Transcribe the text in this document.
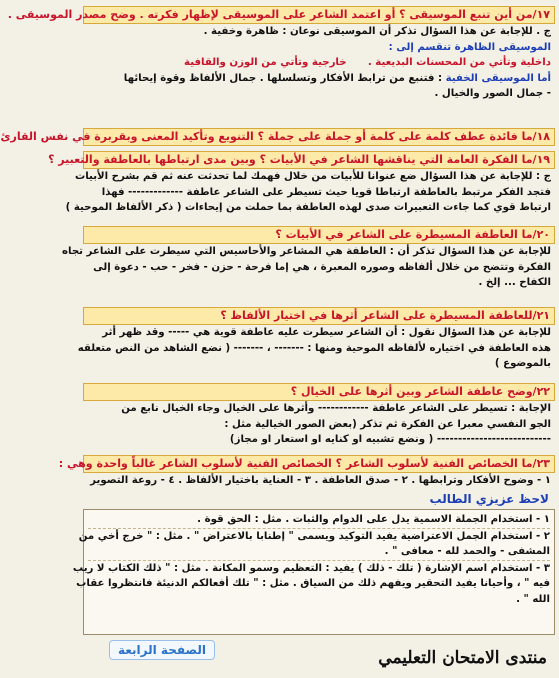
١٧/من أين تنبع الموسيقى ؟ أو اعتمد الشاعر على الموسيقى لإظهار فكرته . وضح مصدر الموسيقى .

ج . للإجابة عن هذا السؤال تذكر أن الموسيقى نوعان : ظاهرة وخفية .

الموسيقى الظاهرة تنقسم إلى :

داخلية وتأتي من المحسنات البديعية .      خارجية وتأتي من الوزن والقافية

أما الموسيقى الخفية : فتنبع من ترابط الأفكار وتسلسلها . جمال الألفاظ وقوة إيحائها

- جمال الصور والخيال .

١٨/ما فائدة عطف كلمة على كلمة أو جملة على جملة ؟ التنويع وتأكيد المعنى وبقربرة في نفس القارئ
١٩/ما الفكرة العامة التي يناقشها الشاعر في الأبيات ؟ وبين مدى ارتباطها بالعاطفة والتعبير ؟

ج : للإجابة عن هذا السؤال ضع عنوانا للأبيات من خلال فهمك لما تحدثت عنه ثم قم بشرح الأبيات

فتجد الفكر مرتبط بالعاطفة ارتباطا قويا حيث تسيطر على الشاعر عاطفة ------------- فهذا

ارتباط قوي كما جاءت التعبيرات صدى لهذه العاطفة بما حملت من إيحاءات ( ذكر الألفاظ الموحية )

٢٠/ما العاطفة المسيطرة على الشاعر في الأبيات ؟

للإجابة عن هذا السؤال تذكر أن : العاطفة هي المشاعر والأحاسيس التي سيطرت على الشاعر تجاه

الفكرة وتتضح من خلال ألفاظه وصوره المعبرة ، هي إما فرحة - حزن - فخر - حب - دعوة إلى

الكفاح ... إلخ .

٢١/للعاطفة المسيطرة على الشاعر أثرها في اختيار الألفاظ ؟

للإجابة عن هذا السؤال نقول : أن الشاعر سيطرت عليه عاطفة قوية هي ----- وقد ظهر أثر

هذه العاطفة في اختياره لألفاظه الموحية ومنها : ------- ، ------- ( نضع الشاهد من النص متعلقه

بالموضوع )

٢٢/وضح عاطفة الشاعر وبين أثرها على الخيال ؟

الإجابة : تسيطر على الشاعر عاطفة ------------ وأثرها على الخيال وجاء الخيال نابع من

الجو النفسي معبرا عن الفكرة ثم تذكر (بعض الصور الخيالية مثل :

--------------------------- ( ونضع تشبيه او كنايه او استعار او مجاز)

٢٣/ما الخصائص الفنية لأسلوب الشاعر ؟ الخصائص الفنية لأسلوب الشاعر غالباً واحدة وهي :

١ - وضوح الأفكار وترابطها . ٢ - صدق العاطفة . ٣ - العناية باختيار الألفاظ . ٤ - روعة التصوير

لاحظ عزيزي الطالب

١ - استخدام الجملة الاسمية يدل على الدوام والثبات . مثل : الحق قوة .

٢ - استخدام الجمل الاعتراضية يفيد التوكيد ويسمى " إطنابا بالاعتراض " . مثل : " خرج أخي من

المشفى - والحمد لله - معافى " .

٣ - استخدام اسم الإشارة ( تلك - ذلك ) يفيد : التعظيم وسمو المكانة . مثل : " ذلك الكتاب لا ريب

فيه " ، وأحيانا يفيد التحقير ويفهم ذلك من السياق . مثل : " تلك أفعالكم الدنيئة فانتظروا عقاب

الله " .

الصفحة الرابعة	منتدى الامتحان التعليمي
